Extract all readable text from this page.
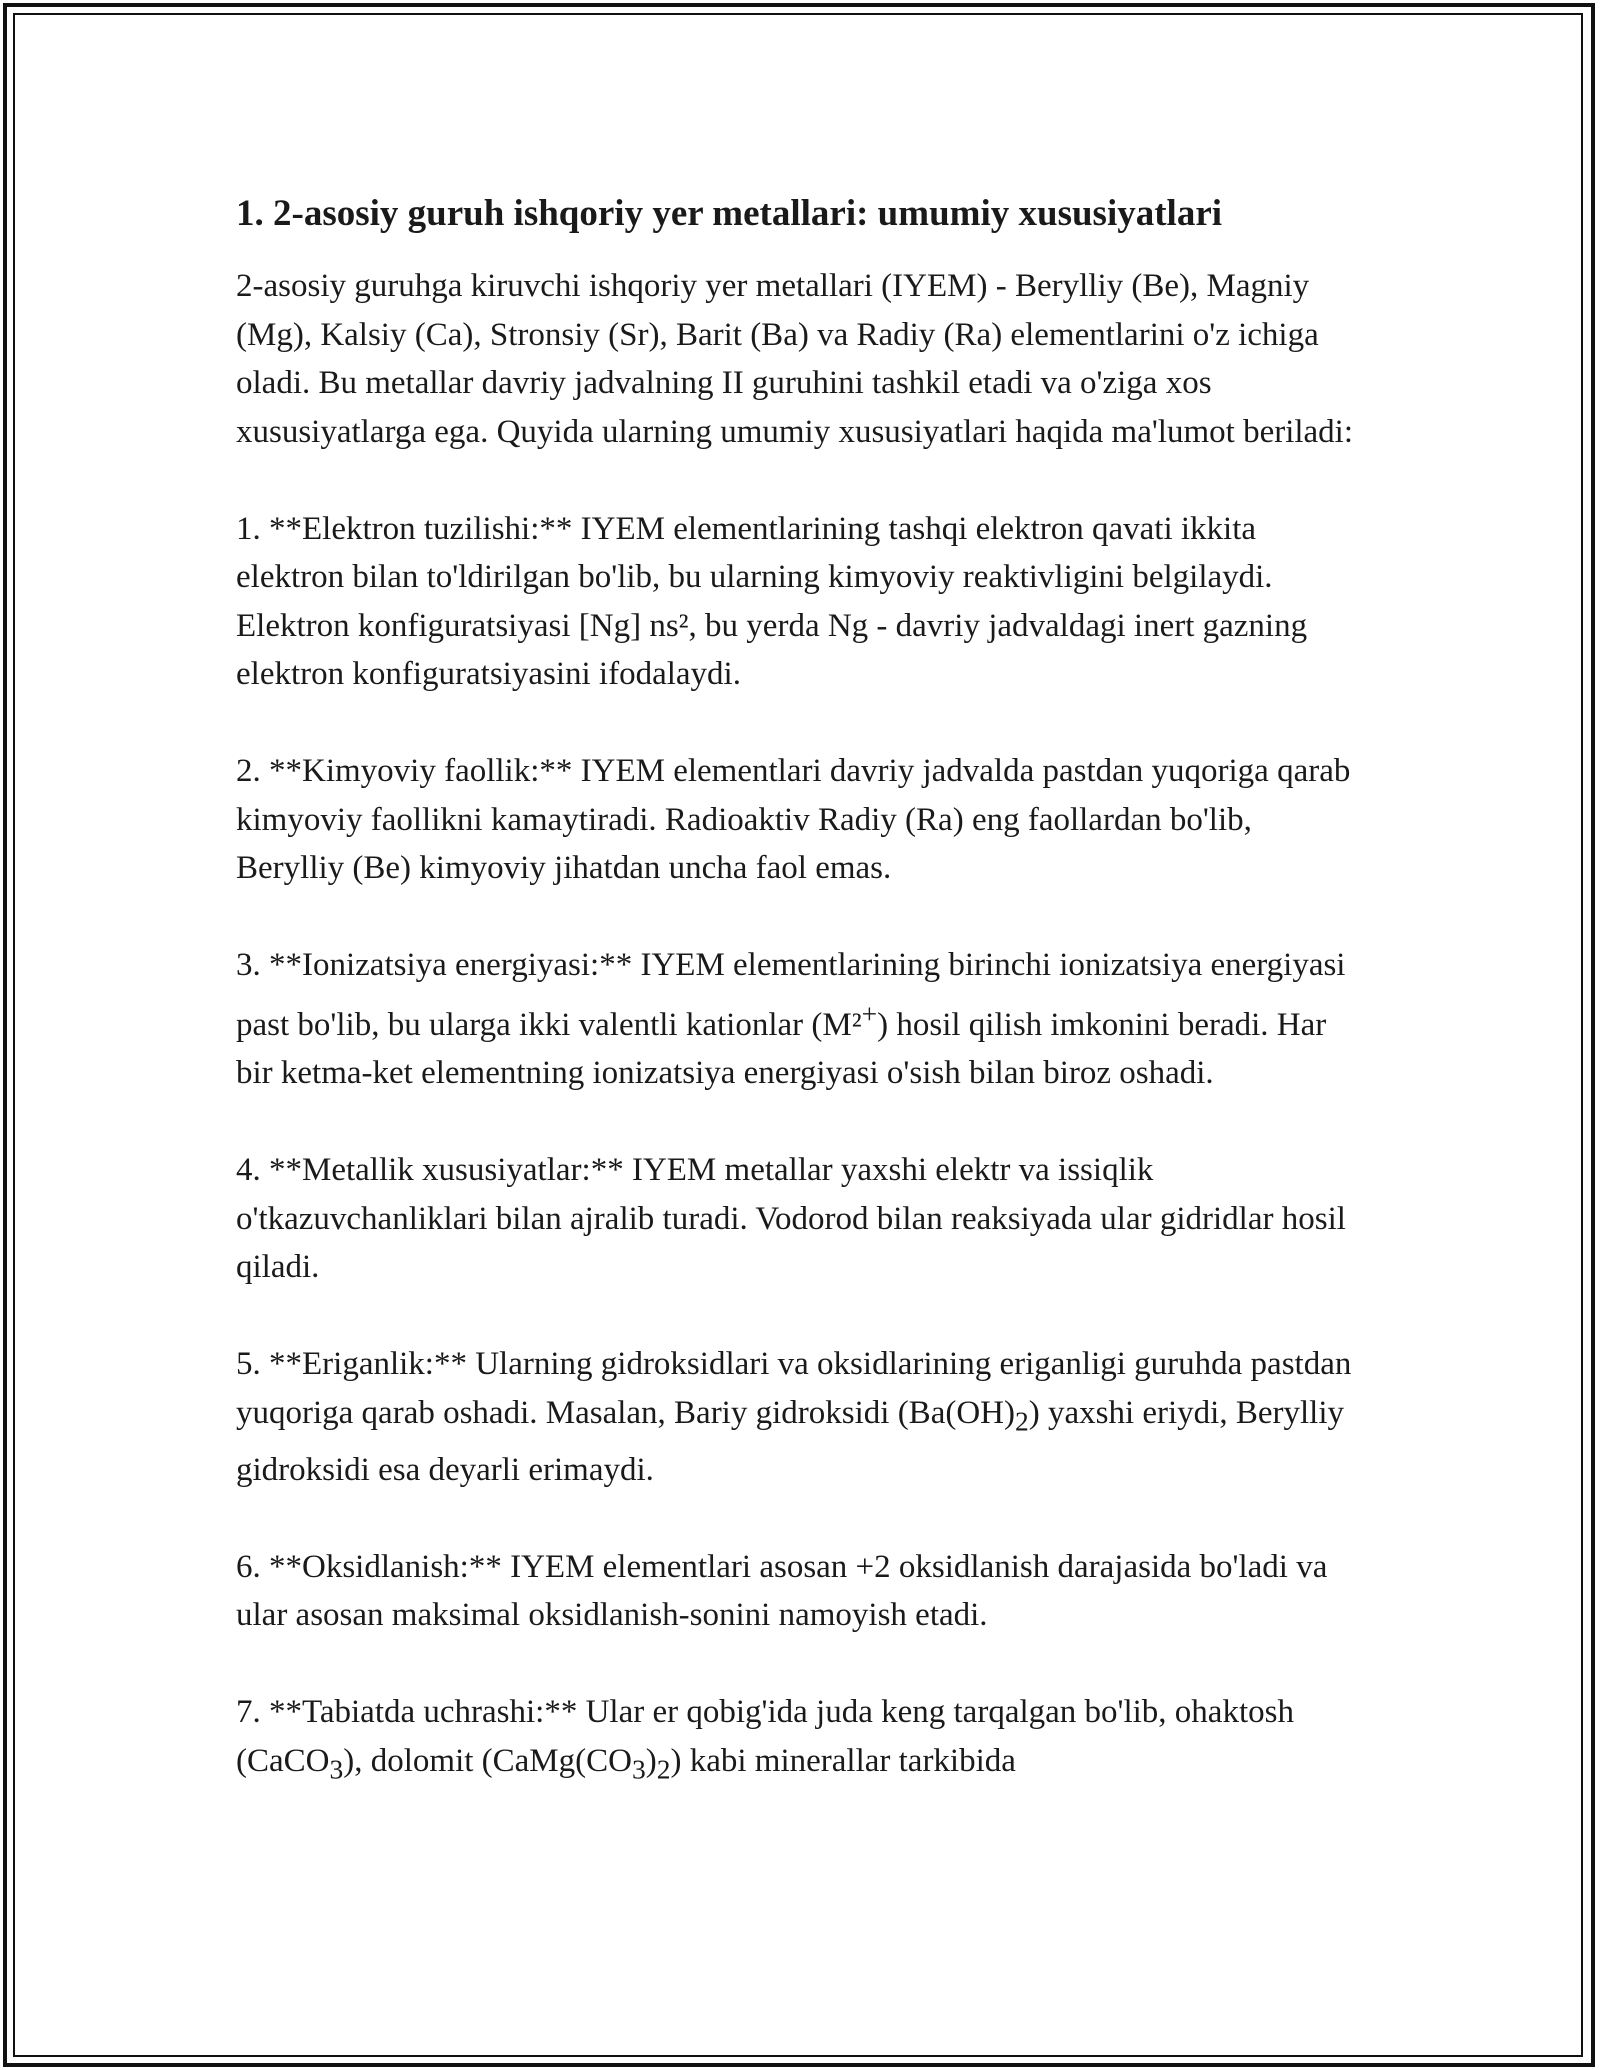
1. 2-asosiy guruh ishqoriy yer metallari: umumiy xususiyatlari

2-asosiy guruhga kiruvchi ishqoriy yer metallari (IYEM) - Berylliy (Be), Magniy (Mg), Kalsiy (Ca), Stronsiy (Sr), Barit (Ba) va Radiy (Ra) elementlarini o'z ichiga oladi. Bu metallar davriy jadvalning II guruhini tashkil etadi va o'ziga xos xususiyatlarga ega. Quyida ularning umumiy xususiyatlari haqida ma'lumot beriladi:

1. **Elektron tuzilishi:** IYEM elementlarining tashqi elektron qavati ikkita elektron bilan to'ldirilgan bo'lib, bu ularning kimyoviy reaktivligini belgilaydi. Elektron konfiguratsiyasi [Ng] ns², bu yerda Ng - davriy jadvaldagi inert gazning elektron konfiguratsiyasini ifodalaydi.

2. **Kimyoviy faollik:** IYEM elementlari davriy jadvalda pastdan yuqoriga qarab kimyoviy faollikni kamaytiradi. Radioaktiv Radiy (Ra) eng faollardan bo'lib, Berylliy (Be) kimyoviy jihatdan uncha faol emas.

3. **Ionizatsiya energiyasi:** IYEM elementlarining birinchi ionizatsiya energiyasi past bo'lib, bu ularga ikki valentli kationlar (M²+) hosil qilish imkonini beradi. Har bir ketma-ket elementning ionizatsiya energiyasi o'sish bilan biroz oshadi.

4. **Metallik xususiyatlar:** IYEM metallar yaxshi elektr va issiqlik o'tkazuvchanliklari bilan ajralib turadi. Vodorod bilan reaksiyada ular gidridlar hosil qiladi.

5. **Eriganlik:** Ularning gidroksidlari va oksidlarining eriganligi guruhda pastdan yuqoriga qarab oshadi. Masalan, Bariy gidroksidi $(Ba(OH)_2)$ yaxshi eriydi, Berylliy gidroksidi esa deyarli erimaydi.

6. **Oksidlanish:** IYEM elementlari asosan +2 oksidlanish darajasida bo'ladi va ular asosan maksimal oksidlanish-sonini namoyish etadi.

7. **Tabiatda uchrashi:** Ular er qobig'ida juda keng tarqalgan bo'lib, ohaktosh (CaCO$_3$), dolomit $(CaMg(CO_3)_2)$ kabi minerallar tarkibida
